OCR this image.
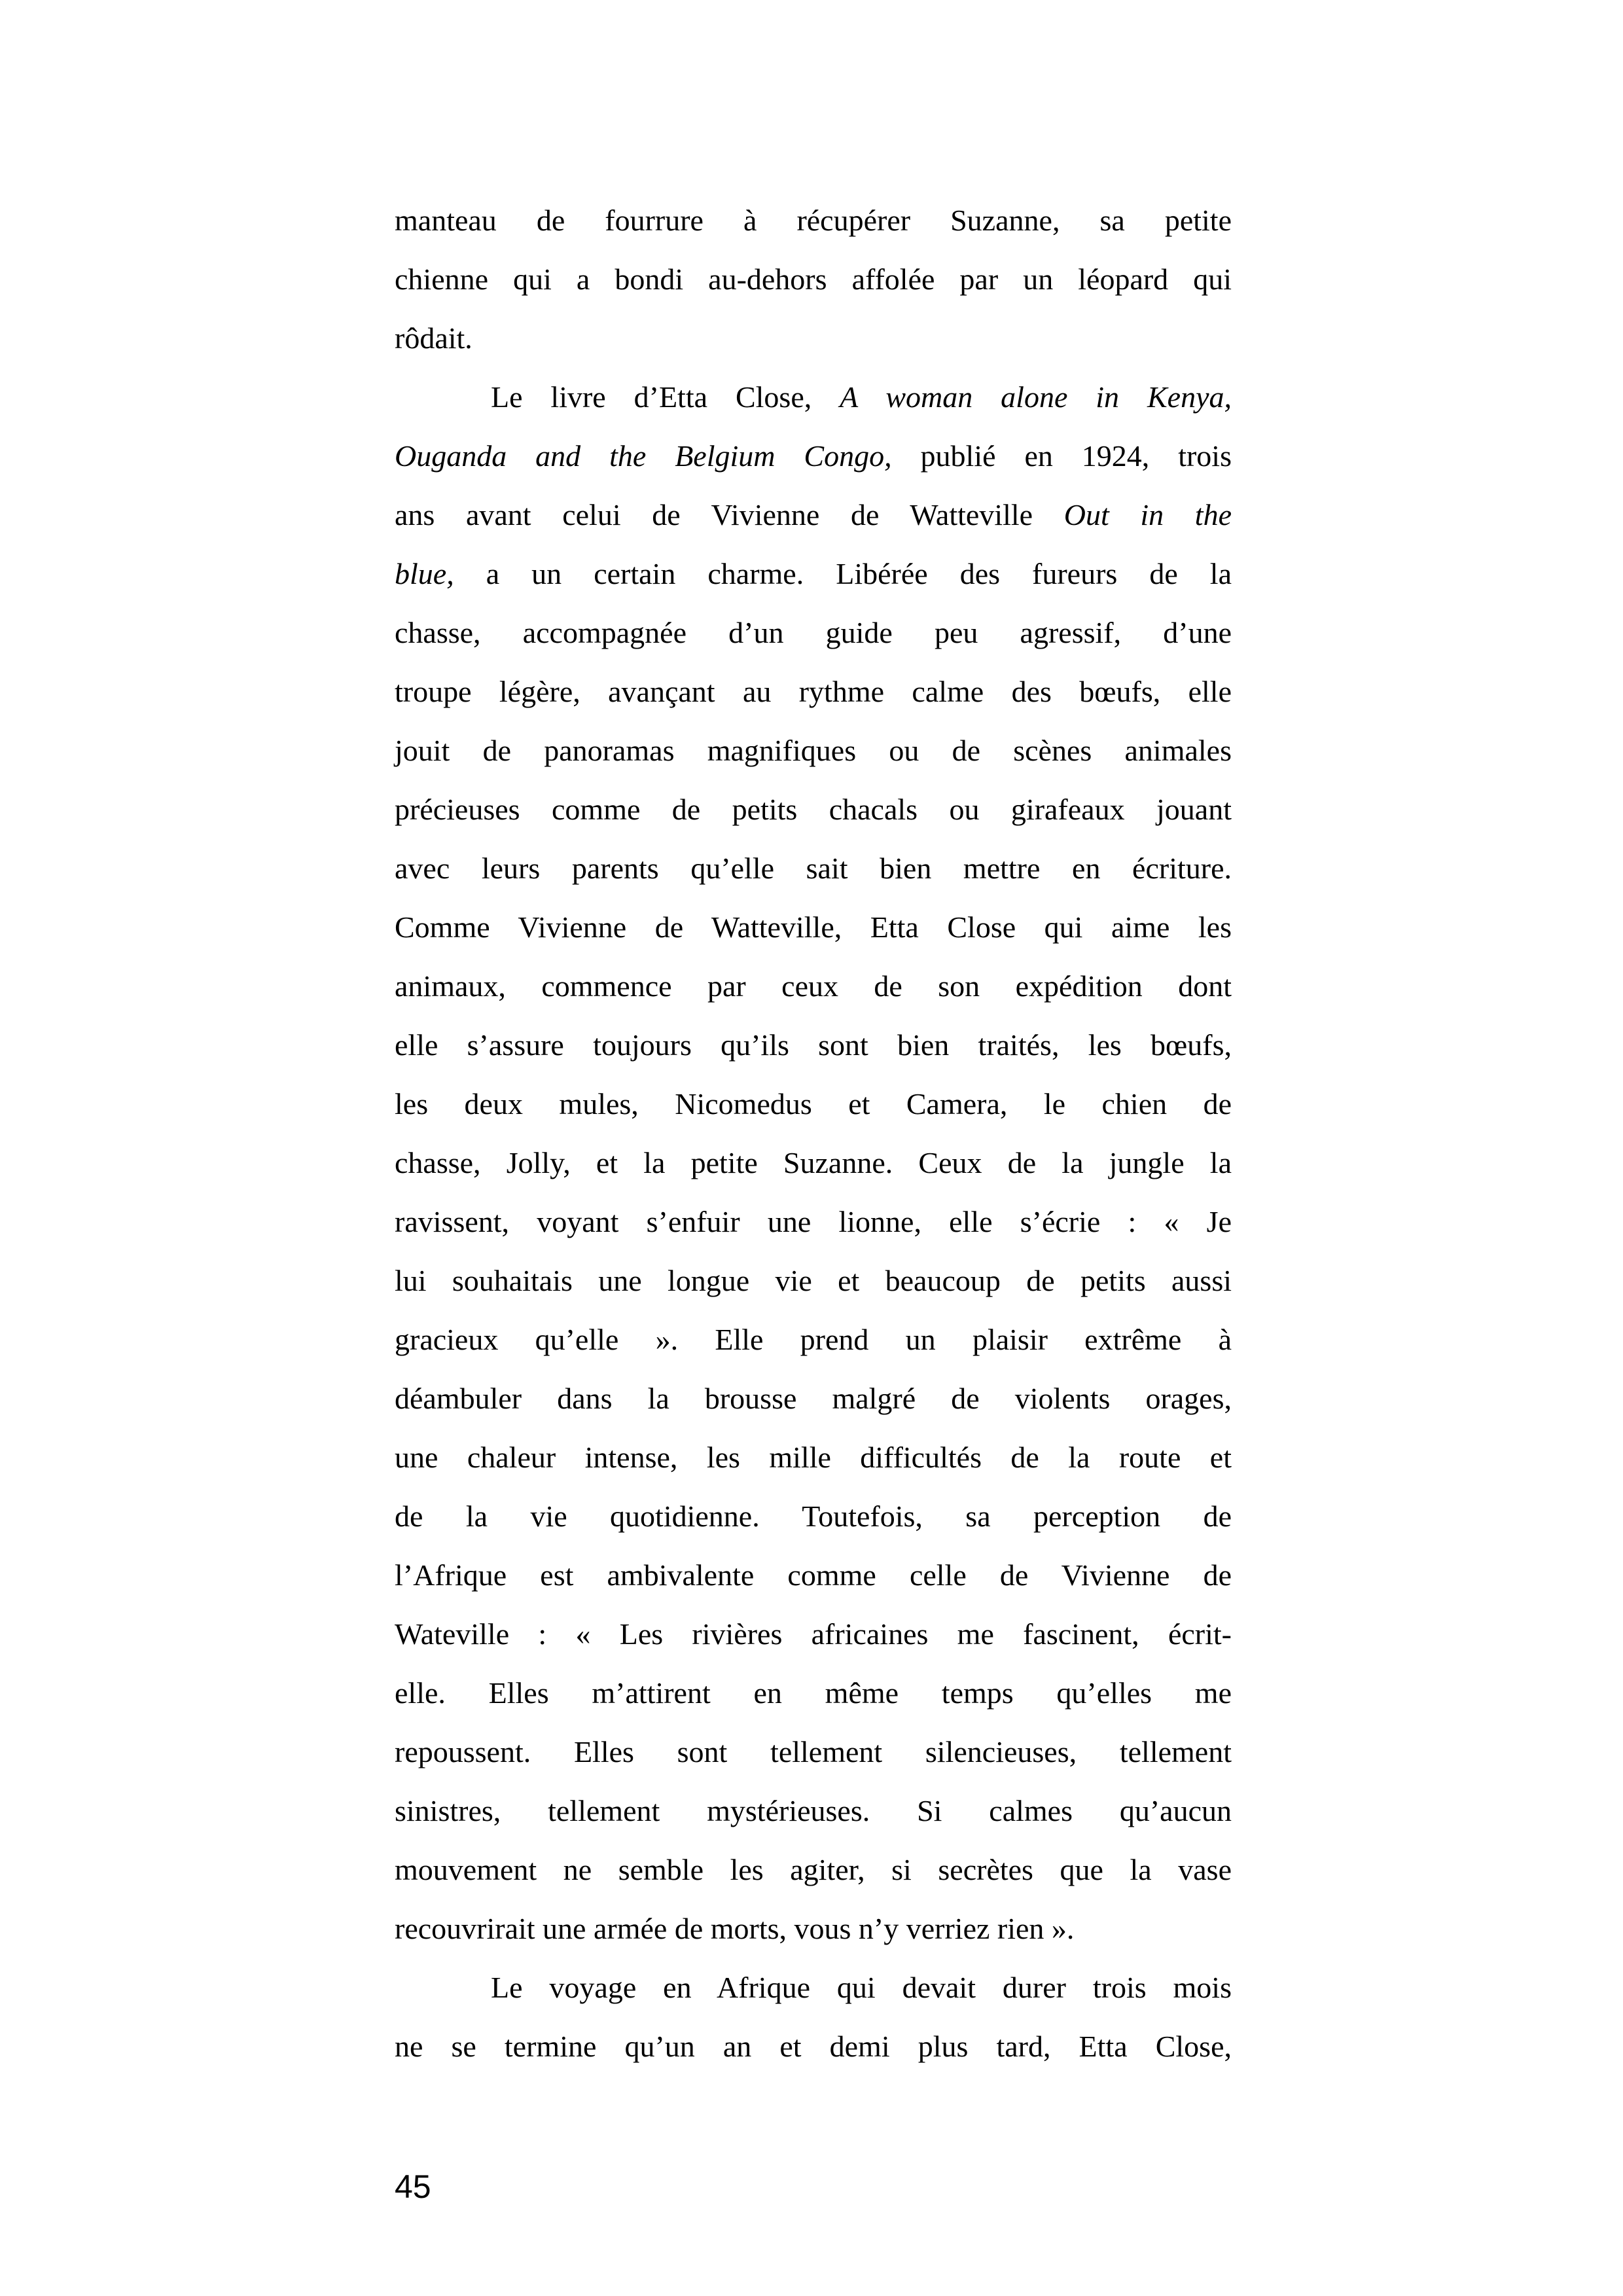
manteau de fourrure à récupérer Suzanne, sa petite
chienne qui a bondi au-dehors affolée par un léopard qui
rôdait.
Le livre d’Etta Close, A woman alone in Kenya,
Ouganda and the Belgium Congo, publié en 1924, trois
ans avant celui de Vivienne de Watteville Out in the
blue, a un certain charme. Libérée des fureurs de la
chasse, accompagnée d’un guide peu agressif, d’une
troupe légère, avançant au rythme calme des bœufs, elle
jouit de panoramas magnifiques ou de scènes animales
précieuses comme de petits chacals ou girafeaux jouant
avec leurs parents qu’elle sait bien mettre en écriture.
Comme Vivienne de Watteville, Etta Close qui aime les
animaux, commence par ceux de son expédition dont
elle s’assure toujours qu’ils sont bien traités, les bœufs,
les deux mules, Nicomedus et Camera, le chien de
chasse, Jolly, et la petite Suzanne. Ceux de la jungle la
ravissent, voyant s’enfuir une lionne, elle s’écrie : « Je
lui souhaitais une longue vie et beaucoup de petits aussi
gracieux qu’elle ». Elle prend un plaisir extrême à
déambuler dans la brousse malgré de violents orages,
une chaleur intense, les mille difficultés de la route et
de la vie quotidienne. Toutefois, sa perception de
l’Afrique est ambivalente comme celle de Vivienne de
Wateville : « Les rivières africaines me fascinent, écrit-
elle. Elles m’attirent en même temps qu’elles me
repoussent. Elles sont tellement silencieuses, tellement
sinistres, tellement mystérieuses. Si calmes qu’aucun
mouvement ne semble les agiter, si secrètes que la vase
recouvrirait une armée de morts, vous n’y verriez rien ».
Le voyage en Afrique qui devait durer trois mois
ne se termine qu’un an et demi plus tard, Etta Close,
45
